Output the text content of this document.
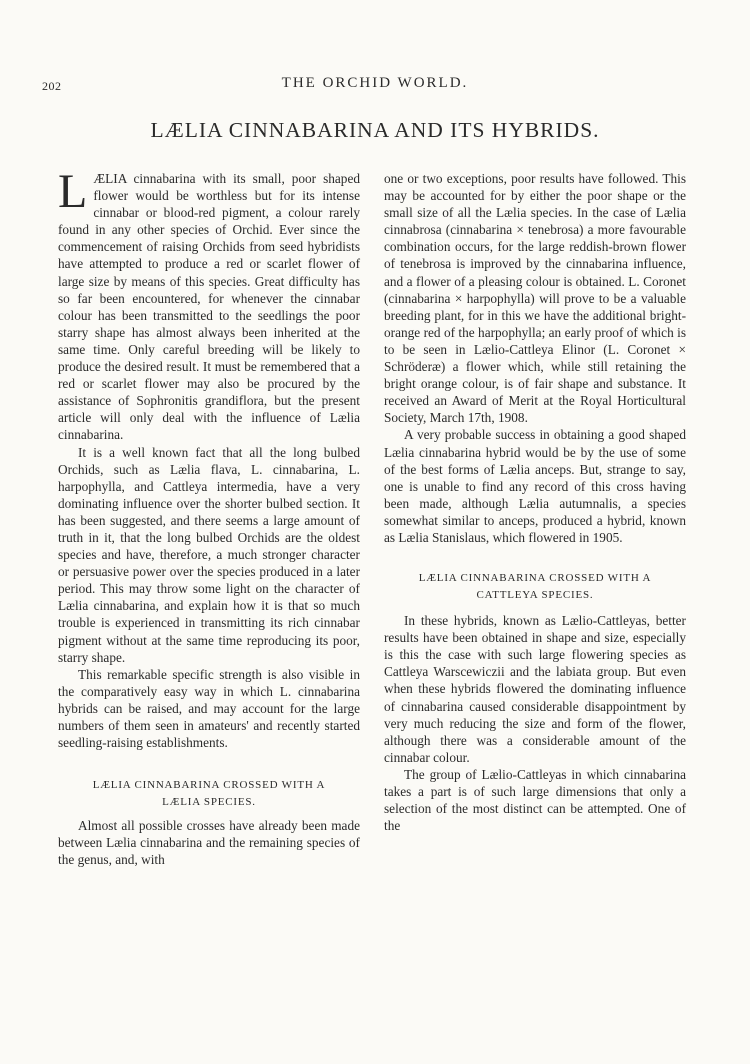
202	THE ORCHID WORLD.
LÆLIA CINNABARINA AND ITS HYBRIDS.

LÆLIA cinnabarina with its small, poor shaped flower would be worthless but for its intense cinnabar or blood-red pigment, a colour rarely found in any other species of Orchid. Ever since the commencement of raising Orchids from seed hybridists have attempted to produce a red or scarlet flower of large size by means of this species. Great difficulty has so far been encountered, for whenever the cinnabar colour has been transmitted to the seedlings the poor starry shape has almost always been inherited at the same time. Only careful breeding will be likely to produce the desired result. It must be remembered that a red or scarlet flower may also be procured by the assistance of Sophronitis grandiflora, but the present article will only deal with the influence of Lælia cinnabarina.

It is a well known fact that all the long bulbed Orchids, such as Lælia flava, L. cinnabarina, L. harpophylla, and Cattleya intermedia, have a very dominating influence over the shorter bulbed section. It has been suggested, and there seems a large amount of truth in it, that the long bulbed Orchids are the oldest species and have, therefore, a much stronger character or persuasive power over the species produced in a later period. This may throw some light on the character of Lælia cinnabarina, and explain how it is that so much trouble is experienced in transmitting its rich cinnabar pigment without at the same time reproducing its poor, starry shape.

This remarkable specific strength is also visible in the comparatively easy way in which L. cinnabarina hybrids can be raised, and may account for the large numbers of them seen in amateurs' and recently started seedling-raising establishments.

LÆLIA CINNABARINA CROSSED WITH A

LÆLIA SPECIES.

Almost all possible crosses have already been made between Lælia cinnabarina and the remaining species of the genus, and, with

one or two exceptions, poor results have followed. This may be accounted for by either the poor shape or the small size of all the Lælia species. In the case of Lælia cinnabrosa (cinnabarina × tenebrosa) a more favourable combination occurs, for the large reddish-brown flower of tenebrosa is improved by the cinnabarina influence, and a flower of a pleasing colour is obtained. L. Coronet (cinnabarina × harpophylla) will prove to be a valuable breeding plant, for in this we have the additional bright-orange red of the harpophylla; an early proof of which is to be seen in Lælio-Cattleya Elinor (L. Coronet × Schröderæ) a flower which, while still retaining the bright orange colour, is of fair shape and substance. It received an Award of Merit at the Royal Horticultural Society, March 17th, 1908.

A very probable success in obtaining a good shaped Lælia cinnabarina hybrid would be by the use of some of the best forms of Lælia anceps. But, strange to say, one is unable to find any record of this cross having been made, although Lælia autumnalis, a species somewhat similar to anceps, produced a hybrid, known as Lælia Stanislaus, which flowered in 1905.

LÆLIA CINNABARINA CROSSED WITH A

CATTLEYA SPECIES.

In these hybrids, known as Lælio-Cattleyas, better results have been obtained in shape and size, especially is this the case with such large flowering species as Cattleya Warscewiczii and the labiata group. But even when these hybrids flowered the dominating influence of cinnabarina caused considerable disappointment by very much reducing the size and form of the flower, although there was a considerable amount of the cinnabar colour.

The group of Lælio-Cattleyas in which cinnabarina takes a part is of such large dimensions that only a selection of the most distinct can be attempted. One of the
